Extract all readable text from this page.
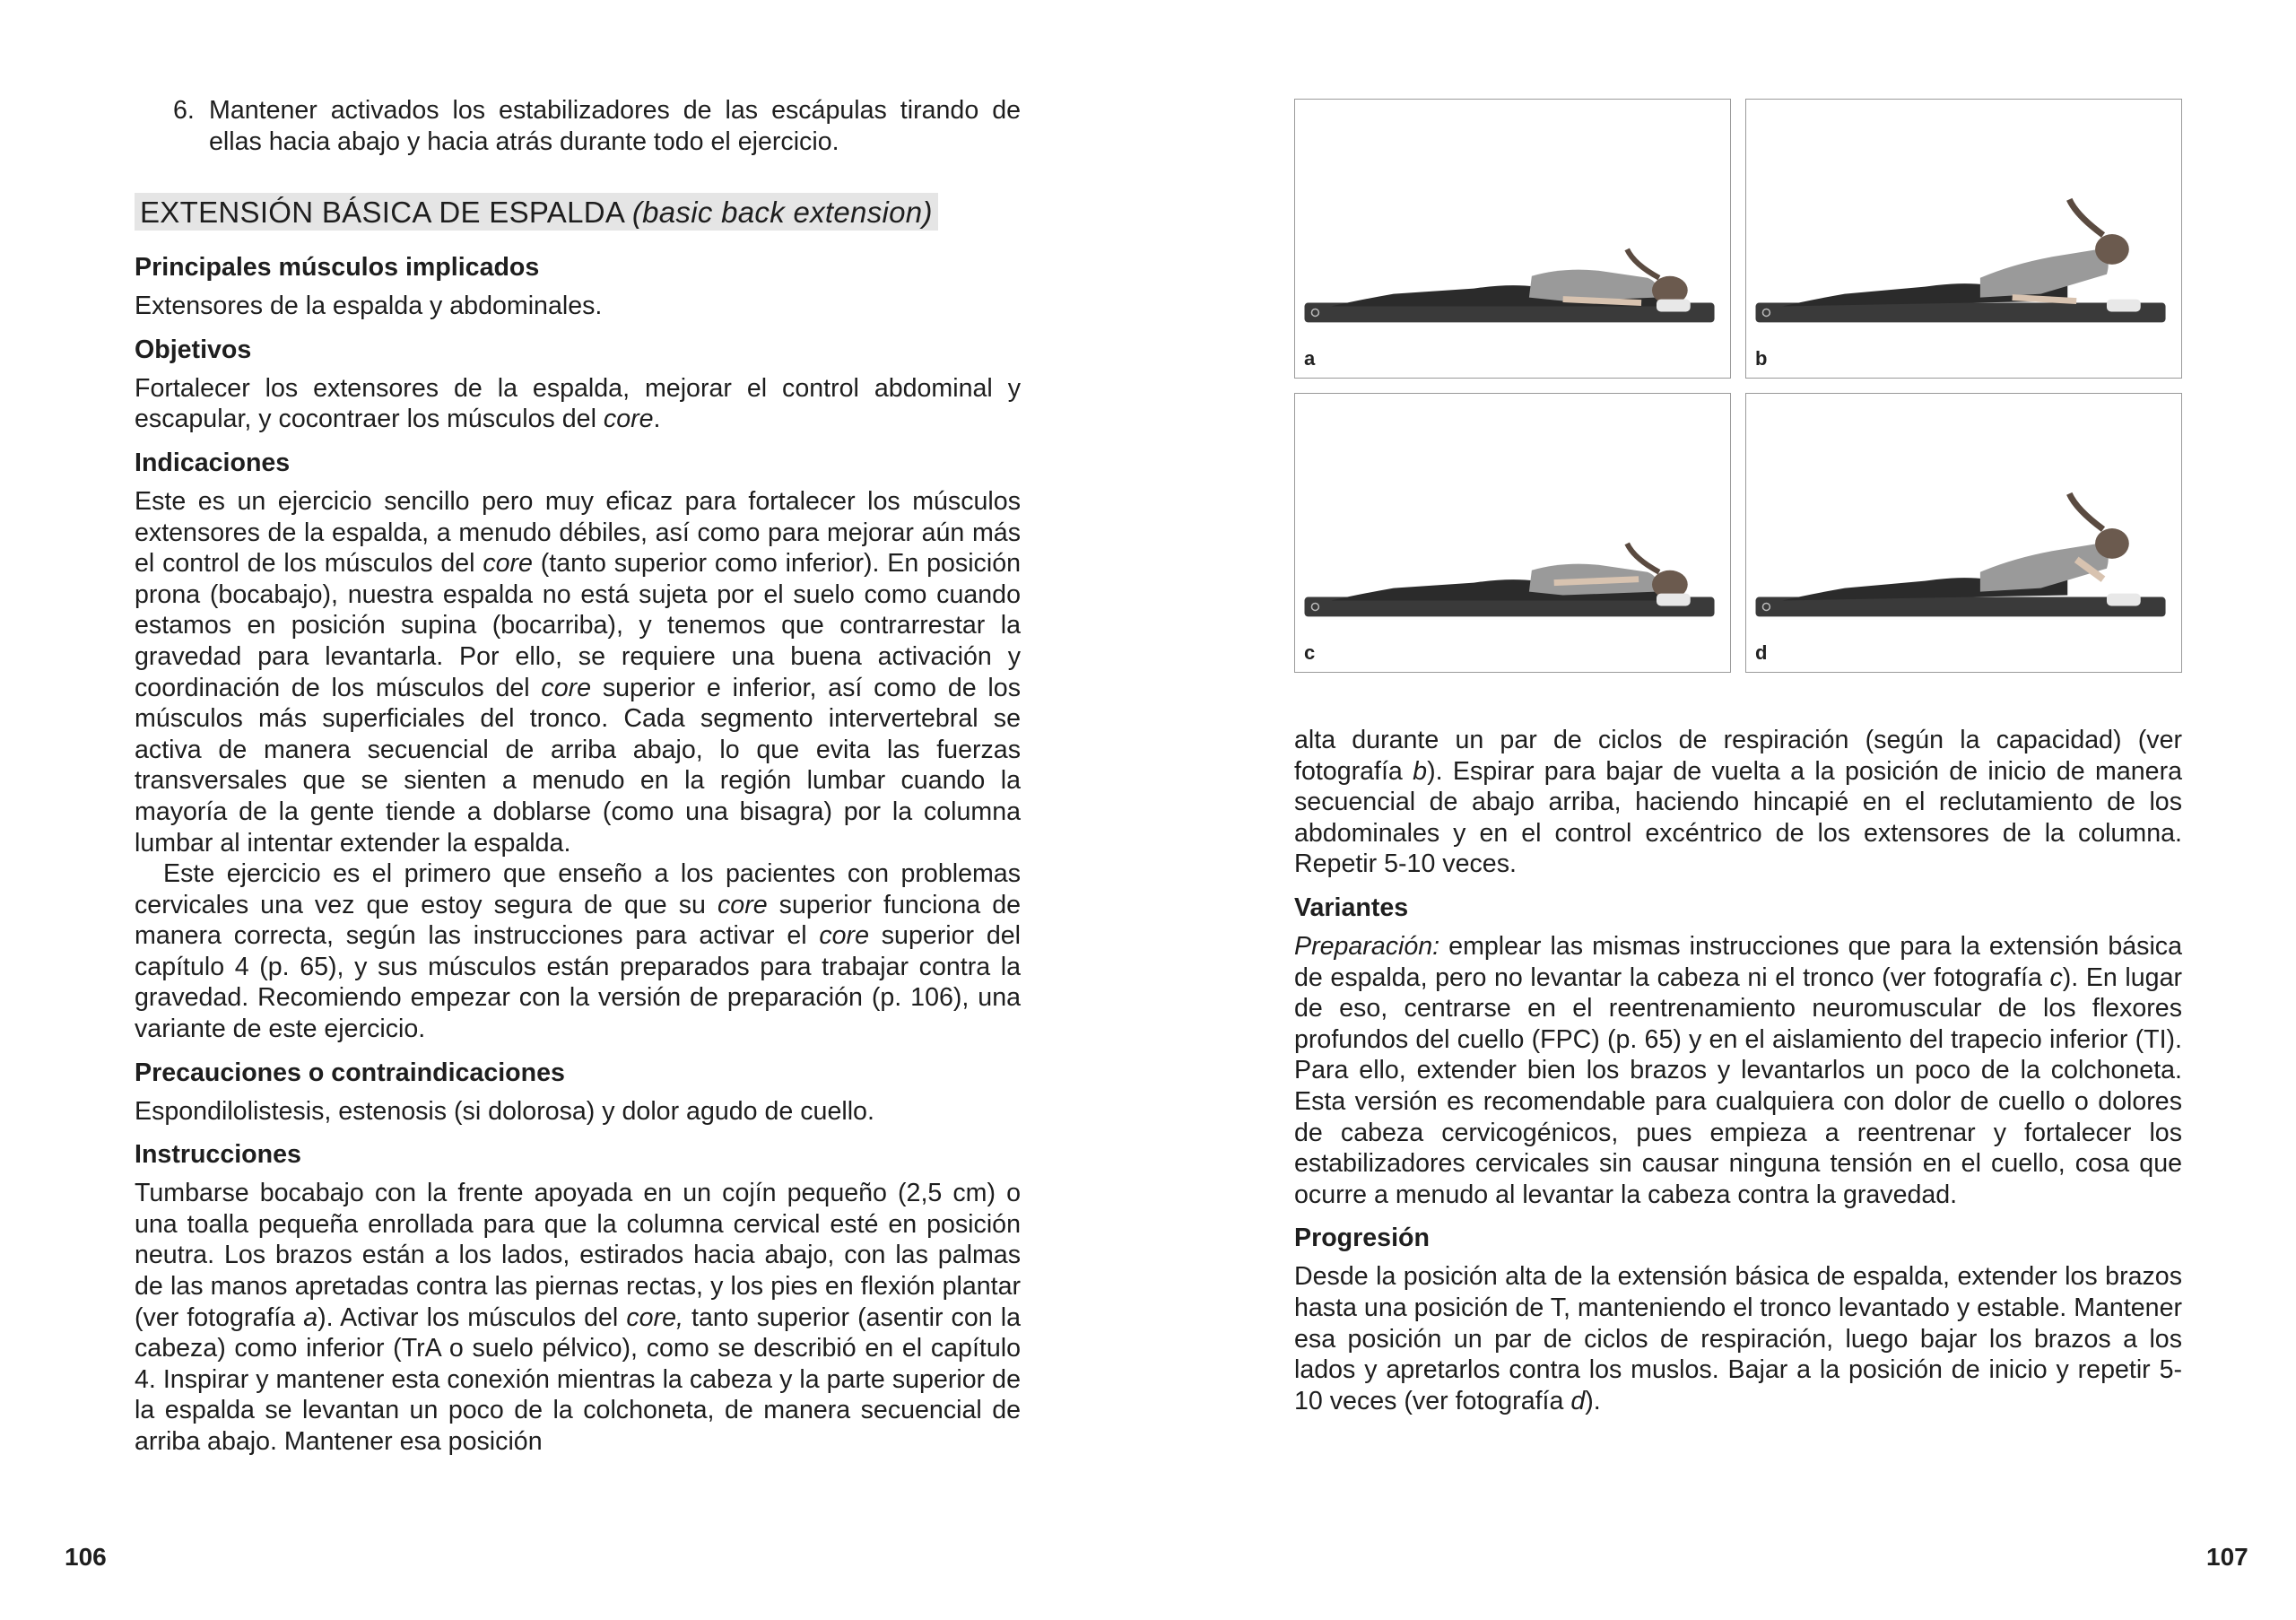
6. Mantener activados los estabilizadores de las escápulas tirando de ellas hacia abajo y hacia atrás durante todo el ejercicio.
EXTENSIÓN BÁSICA DE ESPALDA (basic back extension)
Principales músculos implicados

Extensores de la espalda y abdominales.

Objetivos

Fortalecer los extensores de la espalda, mejorar el control abdominal y escapular, y cocontraer los músculos del core.

Indicaciones

Este es un ejercicio sencillo pero muy eficaz para fortalecer los músculos extensores de la espalda, a menudo débiles, así como para mejorar aún más el control de los músculos del core (tanto superior como inferior). En posición prona (bocabajo), nuestra espalda no está sujeta por el suelo como cuando estamos en posición supina (bocarriba), y tenemos que contrarrestar la gravedad para levantarla. Por ello, se requiere una buena activación y coordinación de los músculos del core superior e inferior, así como de los músculos más superficiales del tronco. Cada segmento intervertebral se activa de manera secuencial de arriba abajo, lo que evita las fuerzas transversales que se sienten a menudo en la región lumbar cuando la mayoría de la gente tiende a doblarse (como una bisagra) por la columna lumbar al intentar extender la espalda.

Este ejercicio es el primero que enseño a los pacientes con problemas cervicales una vez que estoy segura de que su core superior funciona de manera correcta, según las instrucciones para activar el core superior del capítulo 4 (p. 65), y sus músculos están preparados para trabajar contra la gravedad. Recomiendo empezar con la versión de preparación (p. 106), una variante de este ejercicio.

Precauciones o contraindicaciones

Espondilolistesis, estenosis (si dolorosa) y dolor agudo de cuello.

Instrucciones

Tumbarse bocabajo con la frente apoyada en un cojín pequeño (2,5 cm) o una toalla pequeña enrollada para que la columna cervical esté en posición neutra. Los brazos están a los lados, estirados hacia abajo, con las palmas de las manos apretadas contra las piernas rectas, y los pies en flexión plantar (ver fotografía a). Activar los músculos del core, tanto superior (asentir con la cabeza) como inferior (TrA o suelo pélvico), como se describió en el capítulo 4. Inspirar y mantener esta conexión mientras la cabeza y la parte superior de la espalda se levantan un poco de la colchoneta, de manera secuencial de arriba abajo. Mantener esa posición

106
a	b
c	d

alta durante un par de ciclos de respiración (según la capacidad) (ver fotografía b). Espirar para bajar de vuelta a la posición de inicio de manera secuencial de abajo arriba, haciendo hincapié en el reclutamiento de los abdominales y en el control excéntrico de los extensores de la columna. Repetir 5-10 veces.

Variantes

Preparación: emplear las mismas instrucciones que para la extensión básica de espalda, pero no levantar la cabeza ni el tronco (ver fotografía c). En lugar de eso, centrarse en el reentrenamiento neuromuscular de los flexores profundos del cuello (FPC) (p. 65) y en el aislamiento del trapecio inferior (TI). Para ello, extender bien los brazos y levantarlos un poco de la colchoneta. Esta versión es recomendable para cualquiera con dolor de cuello o dolores de cabeza cervicogénicos, pues empieza a reentrenar y fortalecer los estabilizadores cervicales sin causar ninguna tensión en el cuello, cosa que ocurre a menudo al levantar la cabeza contra la gravedad.

Progresión

Desde la posición alta de la extensión básica de espalda, extender los brazos hasta una posición de T, manteniendo el tronco levantado y estable. Mantener esa posición un par de ciclos de respiración, luego bajar los brazos a los lados y apretarlos contra los muslos. Bajar a la posición de inicio y repetir 5-10 veces (ver fotografía d).

107
